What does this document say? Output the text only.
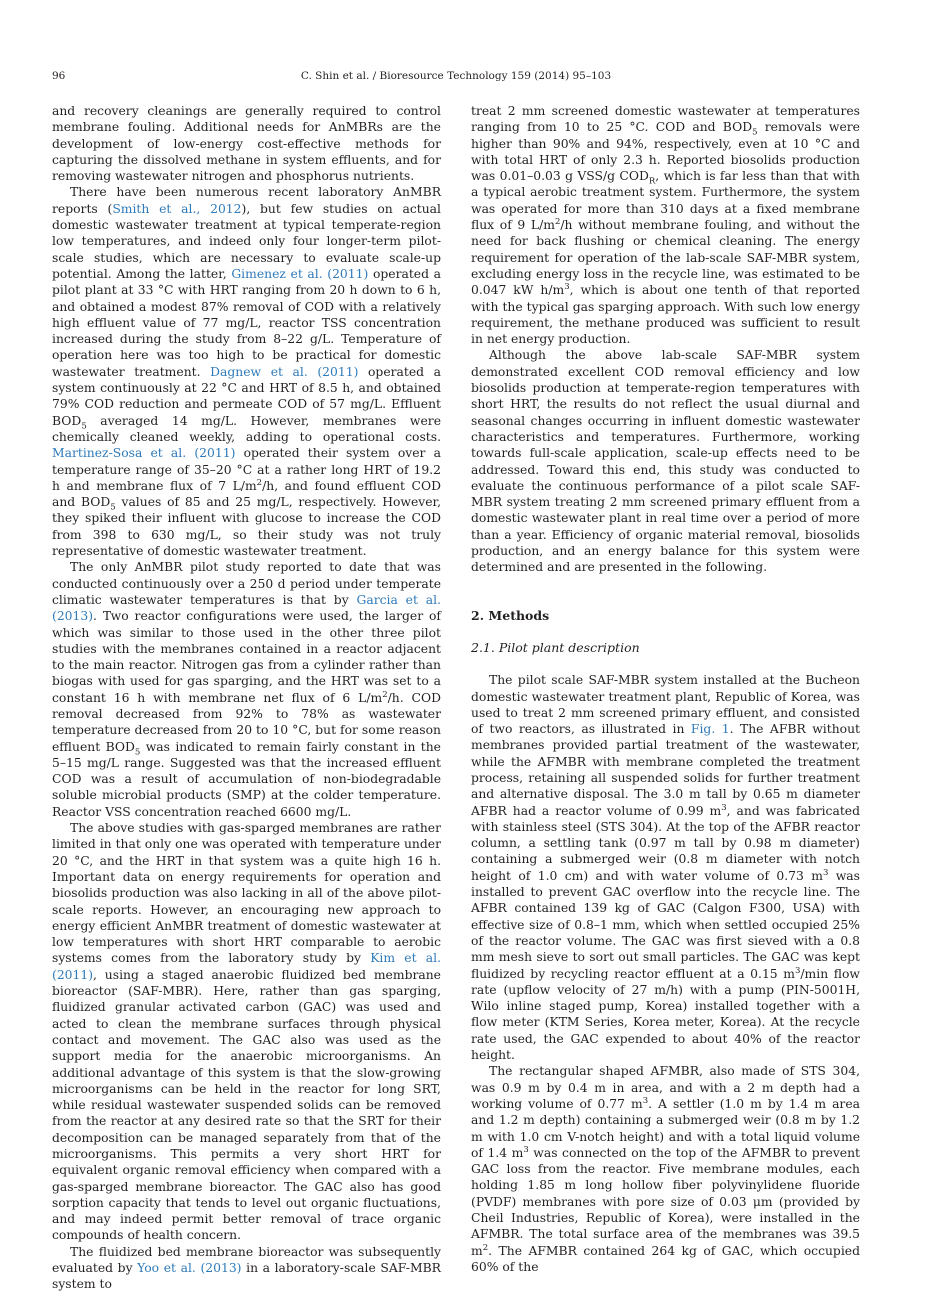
96	C. Shin et al. / Bioresource Technology 159 (2014) 95–103

and recovery cleanings are generally required to control membrane fouling. Additional needs for AnMBRs are the development of low-energy cost-effective methods for capturing the dissolved methane in system effluents, and for removing wastewater nitrogen and phosphorus nutrients.

There have been numerous recent laboratory AnMBR reports (Smith et al., 2012), but few studies on actual domestic wastewater treatment at typical temperate-region low temperatures, and indeed only four longer-term pilot-scale studies, which are necessary to evaluate scale-up potential. Among the latter, Gimenez et al. (2011) operated a pilot plant at 33 °C with HRT ranging from 20 h down to 6 h, and obtained a modest 87% removal of COD with a relatively high effluent value of 77 mg/L, reactor TSS concentration increased during the study from 8–22 g/L. Temperature of operation here was too high to be practical for domestic wastewater treatment. Dagnew et al. (2011) operated a system continuously at 22 °C and HRT of 8.5 h, and obtained 79% COD reduction and permeate COD of 57 mg/L. Effluent $BOD_5$ averaged 14 mg/L. However, membranes were chemically cleaned weekly, adding to operational costs. Martinez-Sosa et al. (2011) operated their system over a temperature range of 35–20 °C at a rather long HRT of 19.2 h and membrane flux of 7 $L/m^2/h$, and found effluent COD and $BOD_5$ values of 85 and 25 mg/L, respectively. However, they spiked their influent with glucose to increase the COD from 398 to 630 mg/L, so their study was not truly representative of domestic wastewater treatment.

The only AnMBR pilot study reported to date that was conducted continuously over a 250 d period under temperate climatic wastewater temperatures is that by Garcia et al. (2013). Two reactor configurations were used, the larger of which was similar to those used in the other three pilot studies with the membranes contained in a reactor adjacent to the main reactor. Nitrogen gas from a cylinder rather than biogas with used for gas sparging, and the HRT was set to a constant 16 h with membrane net flux of 6 $L/m^2/h$. COD removal decreased from 92% to 78% as wastewater temperature decreased from 20 to 10 °C, but for some reason effluent $BOD_5$ was indicated to remain fairly constant in the 5–15 mg/L range. Suggested was that the increased effluent COD was a result of accumulation of non-biodegradable soluble microbial products (SMP) at the colder temperature. Reactor VSS concentration reached 6600 mg/L.

The above studies with gas-sparged membranes are rather limited in that only one was operated with temperature under 20 °C, and the HRT in that system was a quite high 16 h. Important data on energy requirements for operation and biosolids production was also lacking in all of the above pilot-scale reports. However, an encouraging new approach to energy efficient AnMBR treatment of domestic wastewater at low temperatures with short HRT comparable to aerobic systems comes from the laboratory study by Kim et al. (2011), using a staged anaerobic fluidized bed membrane bioreactor (SAF-MBR). Here, rather than gas sparging, fluidized granular activated carbon (GAC) was used and acted to clean the membrane surfaces through physical contact and movement. The GAC also was used as the support media for the anaerobic microorganisms. An additional advantage of this system is that the slow-growing microorganisms can be held in the reactor for long SRT, while residual wastewater suspended solids can be removed from the reactor at any desired rate so that the SRT for their decomposition can be managed separately from that of the microorganisms. This permits a very short HRT for equivalent organic removal efficiency when compared with a gas-sparged membrane bioreactor. The GAC also has good sorption capacity that tends to level out organic fluctuations, and may indeed permit better removal of trace organic compounds of health concern.

The fluidized bed membrane bioreactor was subsequently evaluated by Yoo et al. (2013) in a laboratory-scale SAF-MBR system to

treat 2 mm screened domestic wastewater at temperatures ranging from 10 to 25 °C. COD and $BOD_5$ removals were higher than 90% and 94%, respectively, even at 10 °C and with total HRT of only 2.3 h. Reported biosolids production was 0.01–0.03 g VSS/g $COD_R$, which is far less than that with a typical aerobic treatment system. Furthermore, the system was operated for more than 310 days at a fixed membrane flux of 9 $L/m^2/h$ without membrane fouling, and without the need for back flushing or chemical cleaning. The energy requirement for operation of the lab-scale SAF-MBR system, excluding energy loss in the recycle line, was estimated to be 0.047 kW $h/m^3$, which is about one tenth of that reported with the typical gas sparging approach. With such low energy requirement, the methane produced was sufficient to result in net energy production.

Although the above lab-scale SAF-MBR system demonstrated excellent COD removal efficiency and low biosolids production at temperate-region temperatures with short HRT, the results do not reflect the usual diurnal and seasonal changes occurring in influent domestic wastewater characteristics and temperatures. Furthermore, working towards full-scale application, scale-up effects need to be addressed. Toward this end, this study was conducted to evaluate the continuous performance of a pilot scale SAF-MBR system treating 2 mm screened primary effluent from a domestic wastewater plant in real time over a period of more than a year. Efficiency of organic material removal, biosolids production, and an energy balance for this system were determined and are presented in the following.

2. Methods

2.1. Pilot plant description

The pilot scale SAF-MBR system installed at the Bucheon domestic wastewater treatment plant, Republic of Korea, was used to treat 2 mm screened primary effluent, and consisted of two reactors, as illustrated in Fig. 1. The AFBR without membranes provided partial treatment of the wastewater, while the AFMBR with membrane completed the treatment process, retaining all suspended solids for further treatment and alternative disposal. The 3.0 m tall by 0.65 m diameter AFBR had a reactor volume of 0.99 $m^3$, and was fabricated with stainless steel (STS 304). At the top of the AFBR reactor column, a settling tank (0.97 m tall by 0.98 m diameter) containing a submerged weir (0.8 m diameter with notch height of 1.0 cm) and with water volume of 0.73 $m^3$ was installed to prevent GAC overflow into the recycle line. The AFBR contained 139 kg of GAC (Calgon F300, USA) with effective size of 0.8–1 mm, which when settled occupied 25% of the reactor volume. The GAC was first sieved with a 0.8 mm mesh sieve to sort out small particles. The GAC was kept fluidized by recycling reactor effluent at a 0.15 $m^3/\min$ flow rate (upflow velocity of 27 m/h) with a pump (PIN-5001H, Wilo inline staged pump, Korea) installed together with a flow meter (KTM Series, Korea meter, Korea). At the recycle rate used, the GAC expended to about 40% of the reactor height.

The rectangular shaped AFMBR, also made of STS 304, was 0.9 m by 0.4 m in area, and with a 2 m depth had a working volume of 0.77 $m^3$. A settler (1.0 m by 1.4 m area and 1.2 m depth) containing a submerged weir (0.8 m by 1.2 m with 1.0 cm V-notch height) and with a total liquid volume of 1.4 $m^3$ was connected on the top of the AFMBR to prevent GAC loss from the reactor. Five membrane modules, each holding 1.85 m long hollow fiber polyvinylidene fluoride (PVDF) membranes with pore size of 0.03 μm (provided by Cheil Industries, Republic of Korea), were installed in the AFMBR. The total surface area of the membranes was 39.5 $m^2$. The AFMBR contained 264 kg of GAC, which occupied 60% of the
